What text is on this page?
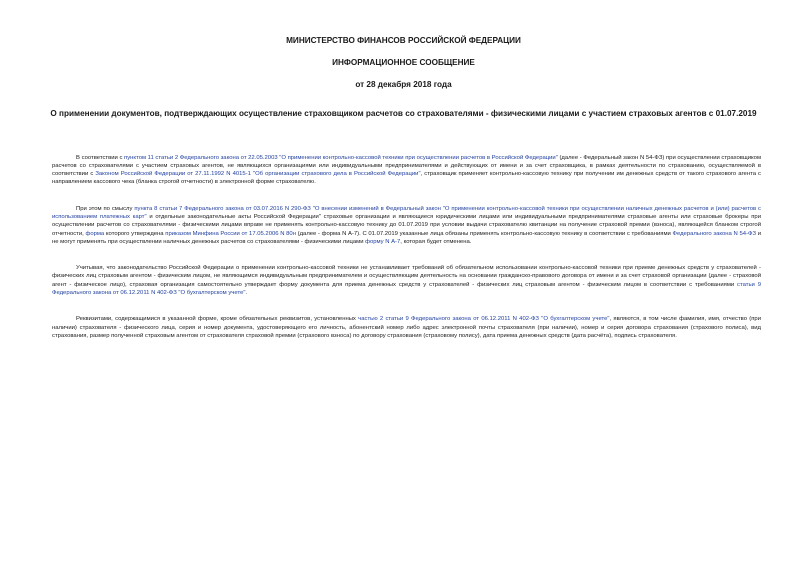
МИНИСТЕРСТВО ФИНАНСОВ РОССИЙСКОЙ ФЕДЕРАЦИИ
ИНФОРМАЦИОННОЕ СООБЩЕНИЕ
от 28 декабря 2018 года
О применении документов, подтверждающих осуществление страховщиком расчетов со страхователями - физическими лицами с участием страховых агентов с 01.07.2019

В соответствии с пунктом 11 статьи 2 Федерального закона от 22.05.2003 "О применении контрольно-кассовой техники при осуществлении расчетов в Российской Федерации" (далее - Федеральный закон N 54-ФЗ) при осуществлении страховщиком расчетов со страхователями с участием страховых агентов, не являющихся организациями или индивидуальными предпринимателями и действующих от имени и за счет страховщика, в рамках деятельности по страхованию, осуществляемой в соответствии с Законом Российской Федерации от 27.11.1992 N 4015-1 "Об организации страхового дела в Российской Федерации", страховщик применяет контрольно-кассовую технику при получении им денежных средств от такого страхового агента с направлением кассового чека (бланка строгой отчетности) в электронной форме страхователю.

При этом по смыслу пункта 8 статьи 7 Федерального закона от 03.07.2016 N 290-ФЗ "О внесении изменений в Федеральный закон "О применении контрольно-кассовой техники при осуществлении наличных денежных расчетов и (или) расчетов с использованием платежных карт" и отдельные законодательные акты Российской Федерации" страховые организации и являющиеся юридическими лицами или индивидуальными предпринимателями страховые агенты или страховые брокеры при осуществлении расчетов со страхователями - физическими лицами вправе не применять контрольно-кассовую технику до 01.07.2019 при условии выдачи страхователю квитанции на получение страховой премии (взноса), являющейся бланком строгой отчетности, форма которого утверждена приказом Минфина России от 17.05.2006 N 80н (далее - форма N А-7). С 01.07.2019 указанные лица обязаны применять контрольно-кассовую технику в соответствии с требованиями Федерального закона N 54-ФЗ и не могут применять при осуществлении наличных денежных расчетов со страхователями - физическими лицами форму N А-7, которая будет отменена.

Учитывая, что законодательство Российской Федерации о применении контрольно-кассовой техники не устанавливает требований об обязательном использовании контрольно-кассовой техники при приеме денежных средств у страхователей - физических лиц страховым агентом - физическим лицом, не являющимся индивидуальным предпринимателем и осуществляющим деятельность на основании гражданско-правового договора от имени и за счет страховой организации (далее - страховой агент - физическое лицо), страховая организация самостоятельно утверждает форму документа для приема денежных средств у страхователей - физических лиц страховым агентом - физическим лицом в соответствии с требованиями статьи 9 Федерального закона от 06.12.2011 N 402-ФЗ "О бухгалтерском учете".

Реквизитами, содержащимися в указанной форме, кроме обязательных реквизитов, установленных частью 2 статьи 9 Федерального закона от 06.12.2011 N 402-ФЗ "О бухгалтерском учете", являются, в том числе фамилия, имя, отчество (при наличии) страхователя - физического лица, серия и номер документа, удостоверяющего его личность, абонентский номер либо адрес электронной почты страхователя (при наличии), номер и серия договора страхования (страхового полиса), вид страхования, размер полученной страховым агентом от страхователя страховой премии (страхового взноса) по договору страхования (страховому полису), дата приема денежных средств (дата расчёта), подпись страхователя.
